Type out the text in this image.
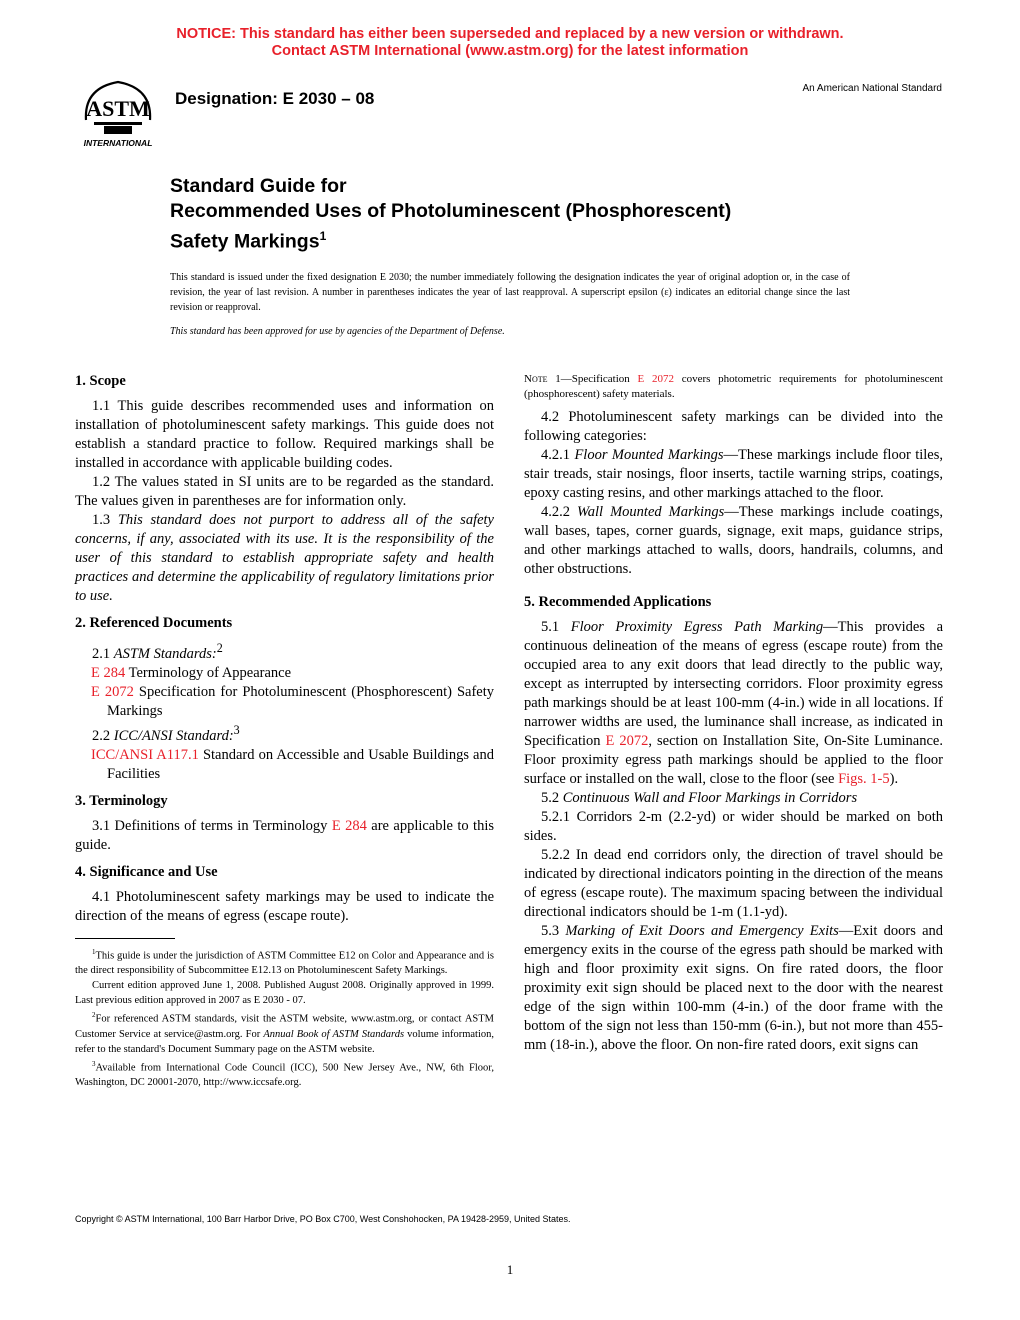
NOTICE: This standard has either been superseded and replaced by a new version or withdrawn.
Contact ASTM International (www.astm.org) for the latest information
ASTM
INTERNATIONAL
Designation: E 2030 – 08
An American National Standard
Standard Guide for
Recommended Uses of Photoluminescent (Phosphorescent)
Safety Markings$^1$
This standard is issued under the fixed designation E 2030; the number immediately following the designation indicates the year of original adoption or, in the case of revision, the year of last revision. A number in parentheses indicates the year of last reapproval. A superscript epsilon (ε) indicates an editorial change since the last revision or reapproval.
This standard has been approved for use by agencies of the Department of Defense.
1. Scope

1.1 This guide describes recommended uses and information on installation of photoluminescent safety markings. This guide does not establish a standard practice to follow. Required markings shall be installed in accordance with applicable building codes.

1.2 The values stated in SI units are to be regarded as the standard. The values given in parentheses are for information only.

1.3 This standard does not purport to address all of the safety concerns, if any, associated with its use. It is the responsibility of the user of this standard to establish appropriate safety and health practices and determine the applicability of regulatory limitations prior to use.

2. Referenced Documents

2.1 ASTM Standards:$^2$

E 284 Terminology of Appearance

E 2072 Specification for Photoluminescent (Phosphorescent) Safety Markings

2.2 ICC/ANSI Standard:$^3$

ICC/ANSI A117.1 Standard on Accessible and Usable Buildings and Facilities

3. Terminology

3.1 Definitions of terms in Terminology E 284 are applicable to this guide.

4. Significance and Use

4.1 Photoluminescent safety markings may be used to indicate the direction of the means of egress (escape route).

$^1$This guide is under the jurisdiction of ASTM Committee E12 on Color and Appearance and is the direct responsibility of Subcommittee E12.13 on Photoluminescent Safety Markings.

Current edition approved June 1, 2008. Published August 2008. Originally approved in 1999. Last previous edition approved in 2007 as E 2030 - 07.

$^2$For referenced ASTM standards, visit the ASTM website, www.astm.org, or contact ASTM Customer Service at service@astm.org. For Annual Book of ASTM Standards volume information, refer to the standard's Document Summary page on the ASTM website.

$^3$Available from International Code Council (ICC), 500 New Jersey Ave., NW, 6th Floor, Washington, DC 20001-2070, http://www.iccsafe.org.

Note 1—Specification E 2072 covers photometric requirements for photoluminescent (phosphorescent) safety materials.

4.2 Photoluminescent safety markings can be divided into the following categories:

4.2.1 Floor Mounted Markings—These markings include floor tiles, stair treads, stair nosings, floor inserts, tactile warning strips, coatings, epoxy casting resins, and other markings attached to the floor.

4.2.2 Wall Mounted Markings—These markings include coatings, wall bases, tapes, corner guards, signage, exit maps, guidance strips, and other markings attached to walls, doors, handrails, columns, and other obstructions.

5. Recommended Applications

5.1 Floor Proximity Egress Path Marking—This provides a continuous delineation of the means of egress (escape route) from the occupied area to any exit doors that lead directly to the public way, except as interrupted by intersecting corridors. Floor proximity egress path markings should be at least 100-mm (4-in.) wide in all locations. If narrower widths are used, the luminance shall increase, as indicated in Specification E 2072, section on Installation Site, On-Site Luminance. Floor proximity egress path markings should be applied to the floor surface or installed on the wall, close to the floor (see Figs. 1-5).

5.2 Continuous Wall and Floor Markings in Corridors

5.2.1 Corridors 2-m (2.2-yd) or wider should be marked on both sides.

5.2.2 In dead end corridors only, the direction of travel should be indicated by directional indicators pointing in the direction of the means of egress (escape route). The maximum spacing between the individual directional indicators should be 1-m (1.1-yd).

5.3 Marking of Exit Doors and Emergency Exits—Exit doors and emergency exits in the course of the egress path should be marked with high and floor proximity exit signs. On fire rated doors, the floor proximity exit sign should be placed next to the door with the nearest edge of the sign within 100-mm (4-in.) of the door frame with the bottom of the sign not less than 150-mm (6-in.), but not more than 455-mm (18-in.), above the floor. On non-fire rated doors, exit signs can

Copyright © ASTM International, 100 Barr Harbor Drive, PO Box C700, West Conshohocken, PA 19428-2959, United States.
1
